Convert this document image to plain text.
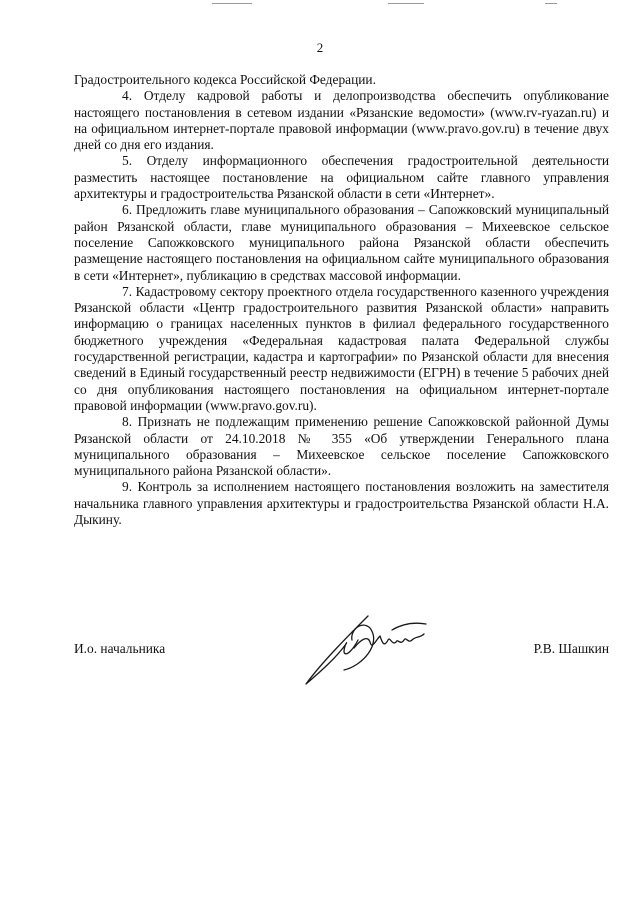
2

Градостроительного кодекса Российской Федерации.

4. Отделу кадровой работы и делопроизводства обеспечить опубликование настоящего постановления в сетевом издании «Рязанские ведомости» (www.rv-ryazan.ru) и на официальном интернет-портале правовой информации (www.pravo.gov.ru) в течение двух дней со дня его издания.

5. Отделу информационного обеспечения градостроительной деятельности разместить настоящее постановление на официальном сайте главного управления архитектуры и градостроительства Рязанской области в сети «Интернет».

6. Предложить главе муниципального образования – Сапожковский муниципальный район Рязанской области, главе муниципального образования – Михеевское сельское поселение Сапожковского муниципального района Рязанской области обеспечить размещение настоящего постановления на официальном сайте муниципального образования в сети «Интернет», публикацию в средствах массовой информации.

7. Кадастровому сектору проектного отдела государственного казенного учреждения Рязанской области «Центр градостроительного развития Рязанской области» направить информацию о границах населенных пунктов в филиал федерального государственного бюджетного учреждения «Федеральная кадастровая палата Федеральной службы государственной регистрации, кадастра и картографии» по Рязанской области для внесения сведений в Единый государственный реестр недвижимости (ЕГРН) в течение 5 рабочих дней со дня опубликования настоящего постановления на официальном интернет-портале правовой информации (www.pravo.gov.ru).

8. Признать не подлежащим применению решение Сапожковской районной Думы Рязанской области от 24.10.2018 № 355 «Об утверждении Генерального плана муниципального образования – Михеевское сельское поселение Сапожковского муниципального района Рязанской области».

9. Контроль за исполнением настоящего постановления возложить на заместителя начальника главного управления архитектуры и градостроительства Рязанской области Н.А. Дыкину.

И.о. начальника	Р.В. Шашкин
